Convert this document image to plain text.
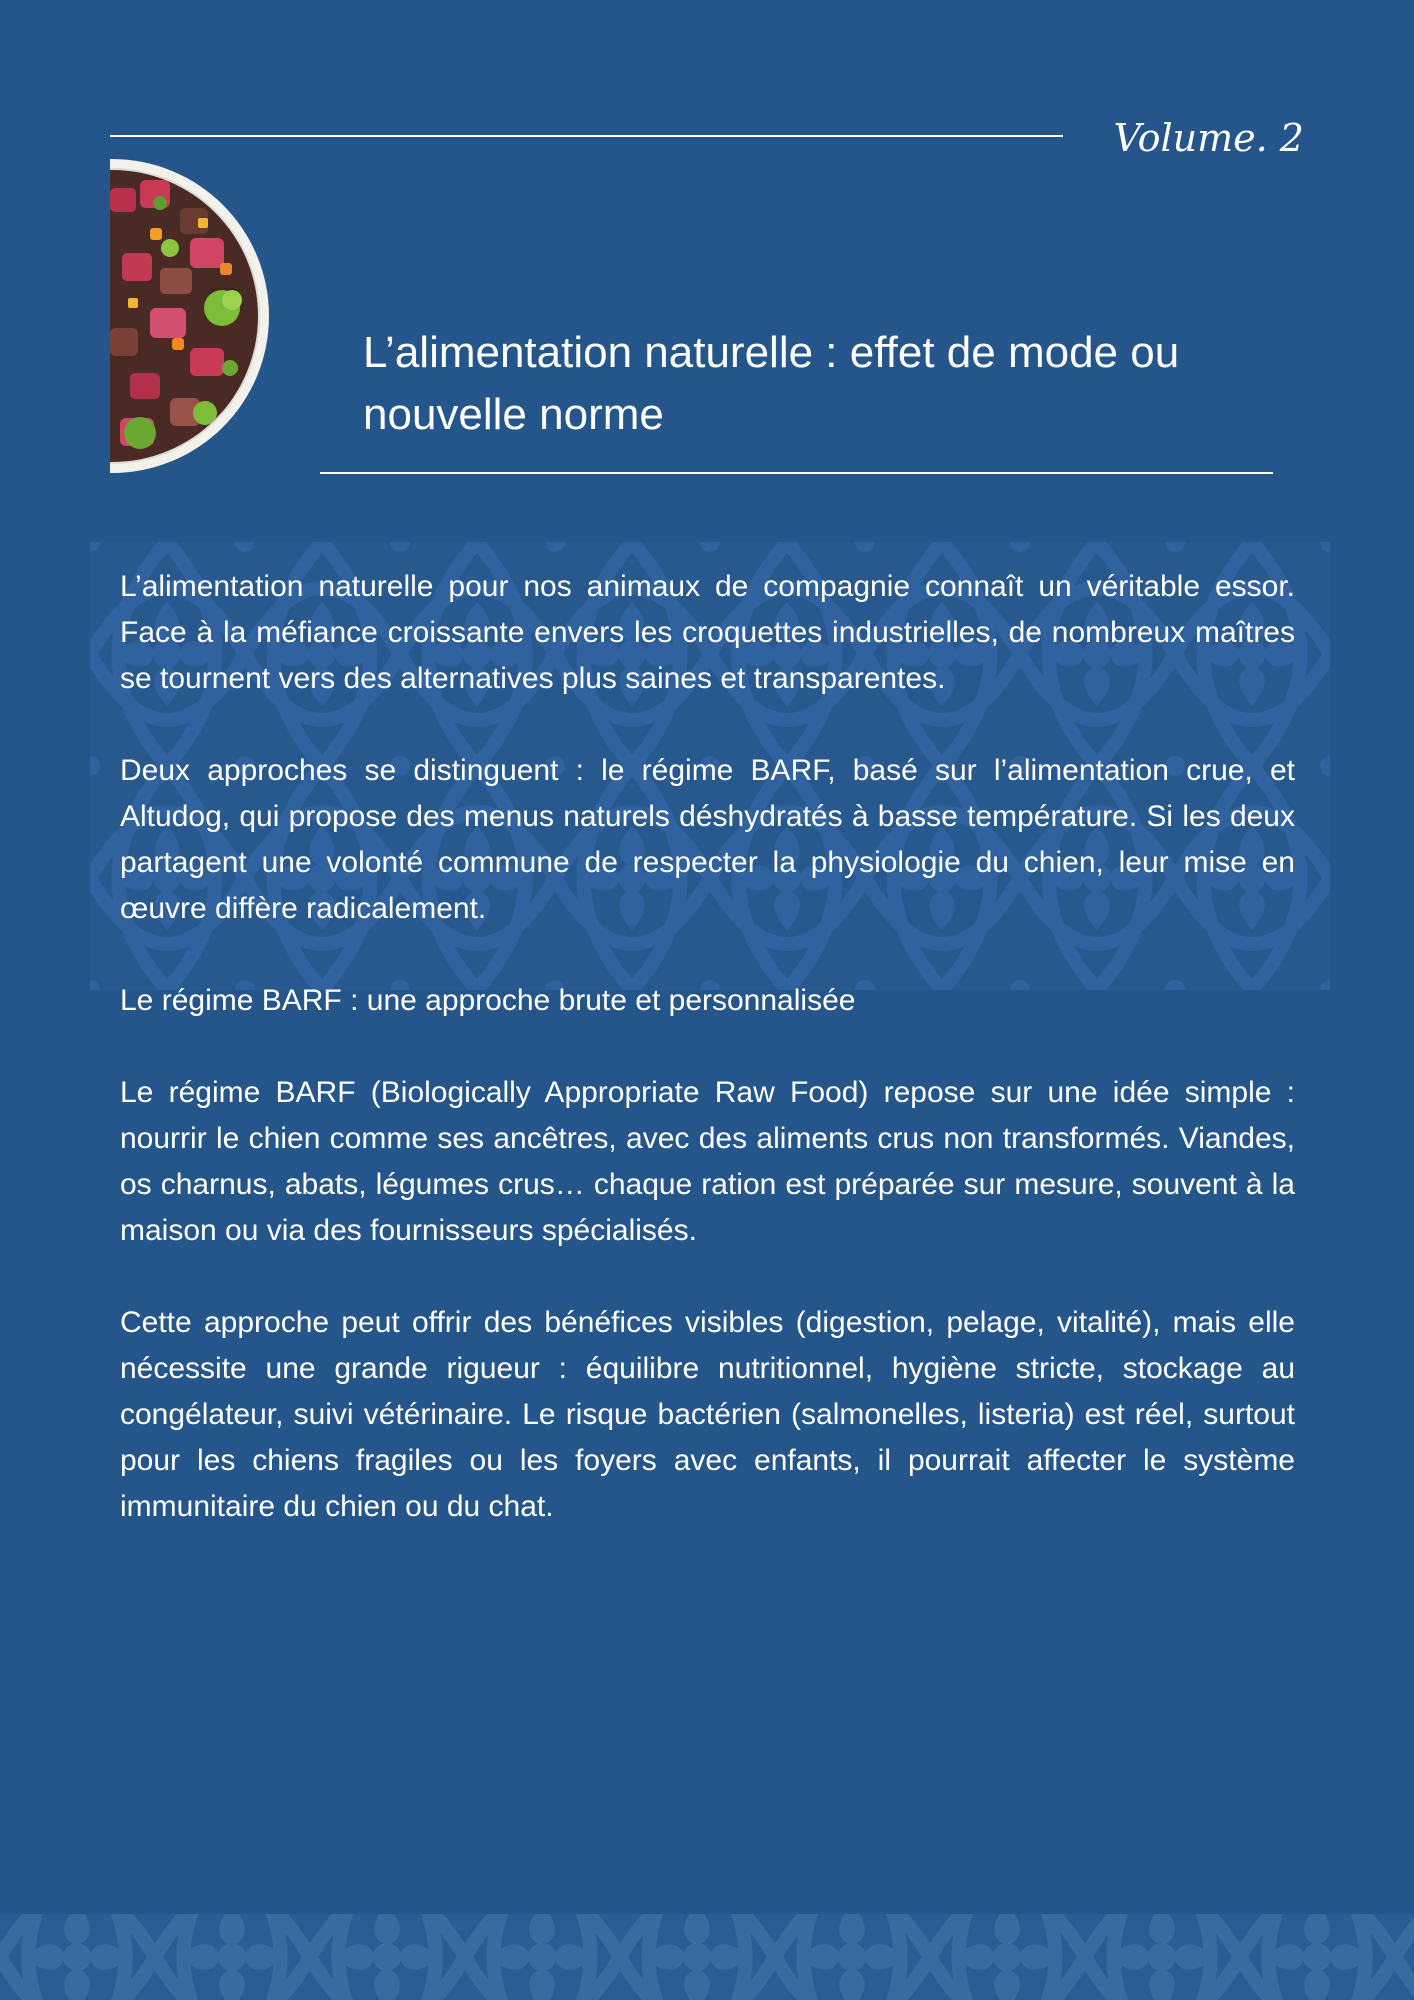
Volume. 2
L’alimentation naturelle : effet de mode ou nouvelle norme

L’alimentation naturelle pour nos animaux de compagnie connaît un véritable essor. Face à la méfiance croissante envers les croquettes industrielles, de nombreux maîtres se tournent vers des alternatives plus saines et transparentes.

Deux approches se distinguent : le régime BARF, basé sur l’alimentation crue, et Altudog, qui propose des menus naturels déshydratés à basse température. Si les deux partagent une volonté commune de respecter la physiologie du chien, leur mise en œuvre diffère radicalement.

Le régime BARF : une approche brute et personnalisée

Le régime BARF (Biologically Appropriate Raw Food) repose sur une idée simple : nourrir le chien comme ses ancêtres, avec des aliments crus non transformés. Viandes, os charnus, abats, légumes crus… chaque ration est préparée sur mesure, souvent à la maison ou via des fournisseurs spécialisés.

Cette approche peut offrir des bénéfices visibles (digestion, pelage, vitalité), mais elle nécessite une grande rigueur : équilibre nutritionnel, hygiène stricte, stockage au congélateur, suivi vétérinaire. Le risque bactérien (salmonelles, listeria) est réel, surtout pour les chiens fragiles ou les foyers avec enfants, il pourrait affecter le système immunitaire du chien ou du chat.
